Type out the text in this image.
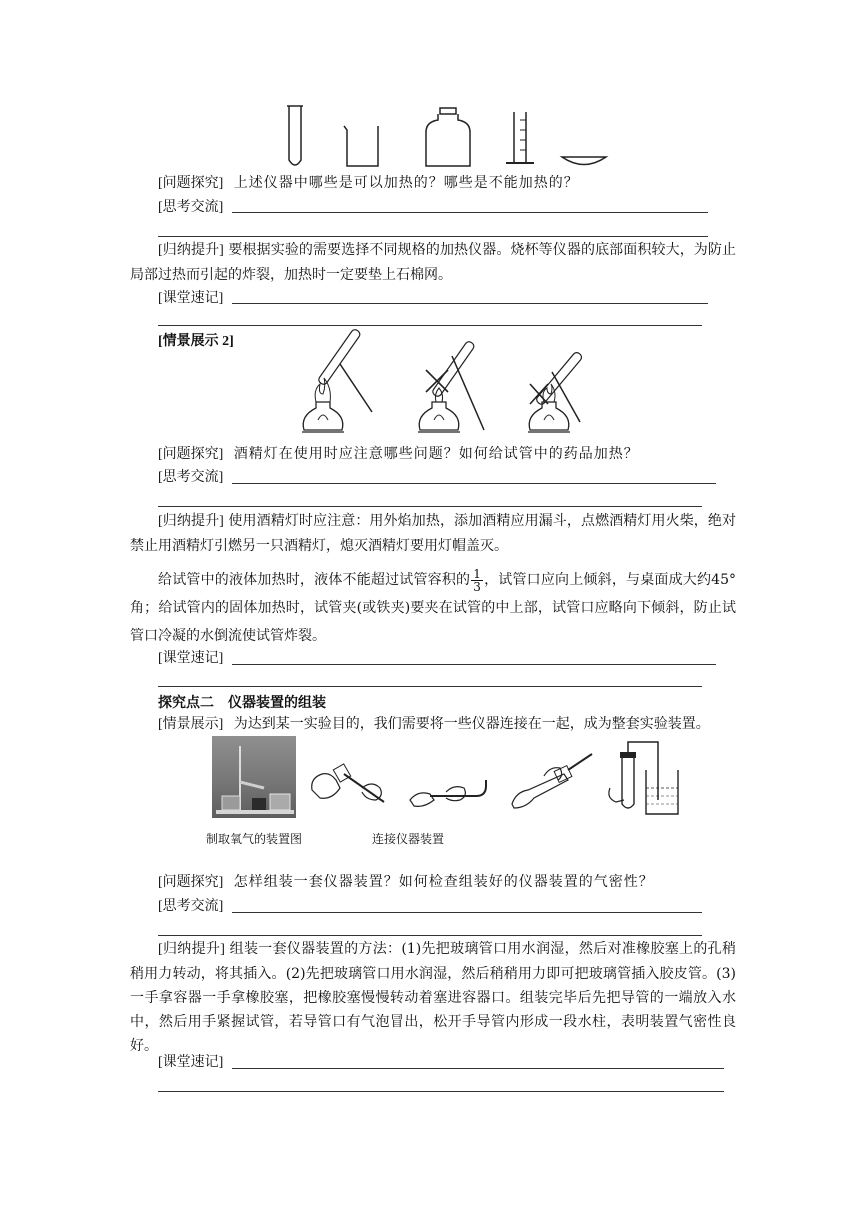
[问题探究] 上述仪器中哪些是可以加热的？哪些是不能加热的？
[思考交流]
[归纳提升] 要根据实验的需要选择不同规格的加热仪器。烧杯等仪器的底部面积较大，为防止局部过热而引起的炸裂，加热时一定要垫上石棉网。
[课堂速记]
[情景展示 2]
[问题探究] 酒精灯在使用时应注意哪些问题？如何给试管中的药品加热？
[思考交流]
[归纳提升] 使用酒精灯时应注意：用外焰加热，添加酒精应用漏斗，点燃酒精灯用火柴，绝对禁止用酒精灯引燃另一只酒精灯，熄灭酒精灯要用灯帽盖灭。
给试管中的液体加热时，液体不能超过试管容积的 $\frac{1}{3}$ ，试管口应向上倾斜，与桌面成大约45°角；给试管内的固体加热时，试管夹(或铁夹)要夹在试管的中上部，试管口应略向下倾斜，防止试管口冷凝的水倒流使试管炸裂。
[课堂速记]
探究点二　仪器装置的组装
[情景展示] 为达到某一实验目的，我们需要将一些仪器连接在一起，成为整套实验装置。
制取氧气的装置图	连接仪器装置
[问题探究] 怎样组装一套仪器装置？如何检查组装好的仪器装置的气密性？
[思考交流]
[归纳提升] 组装一套仪器装置的方法：(1)先把玻璃管口用水润湿，然后对准橡胶塞上的孔稍稍用力转动，将其插入。(2)先把玻璃管口用水润湿，然后稍稍用力即可把玻璃管插入胶皮管。(3)一手拿容器一手拿橡胶塞，把橡胶塞慢慢转动着塞进容器口。组装完毕后先把导管的一端放入水中，然后用手紧握试管，若导管口有气泡冒出，松开手导管内形成一段水柱，表明装置气密性良好。
[课堂速记]
